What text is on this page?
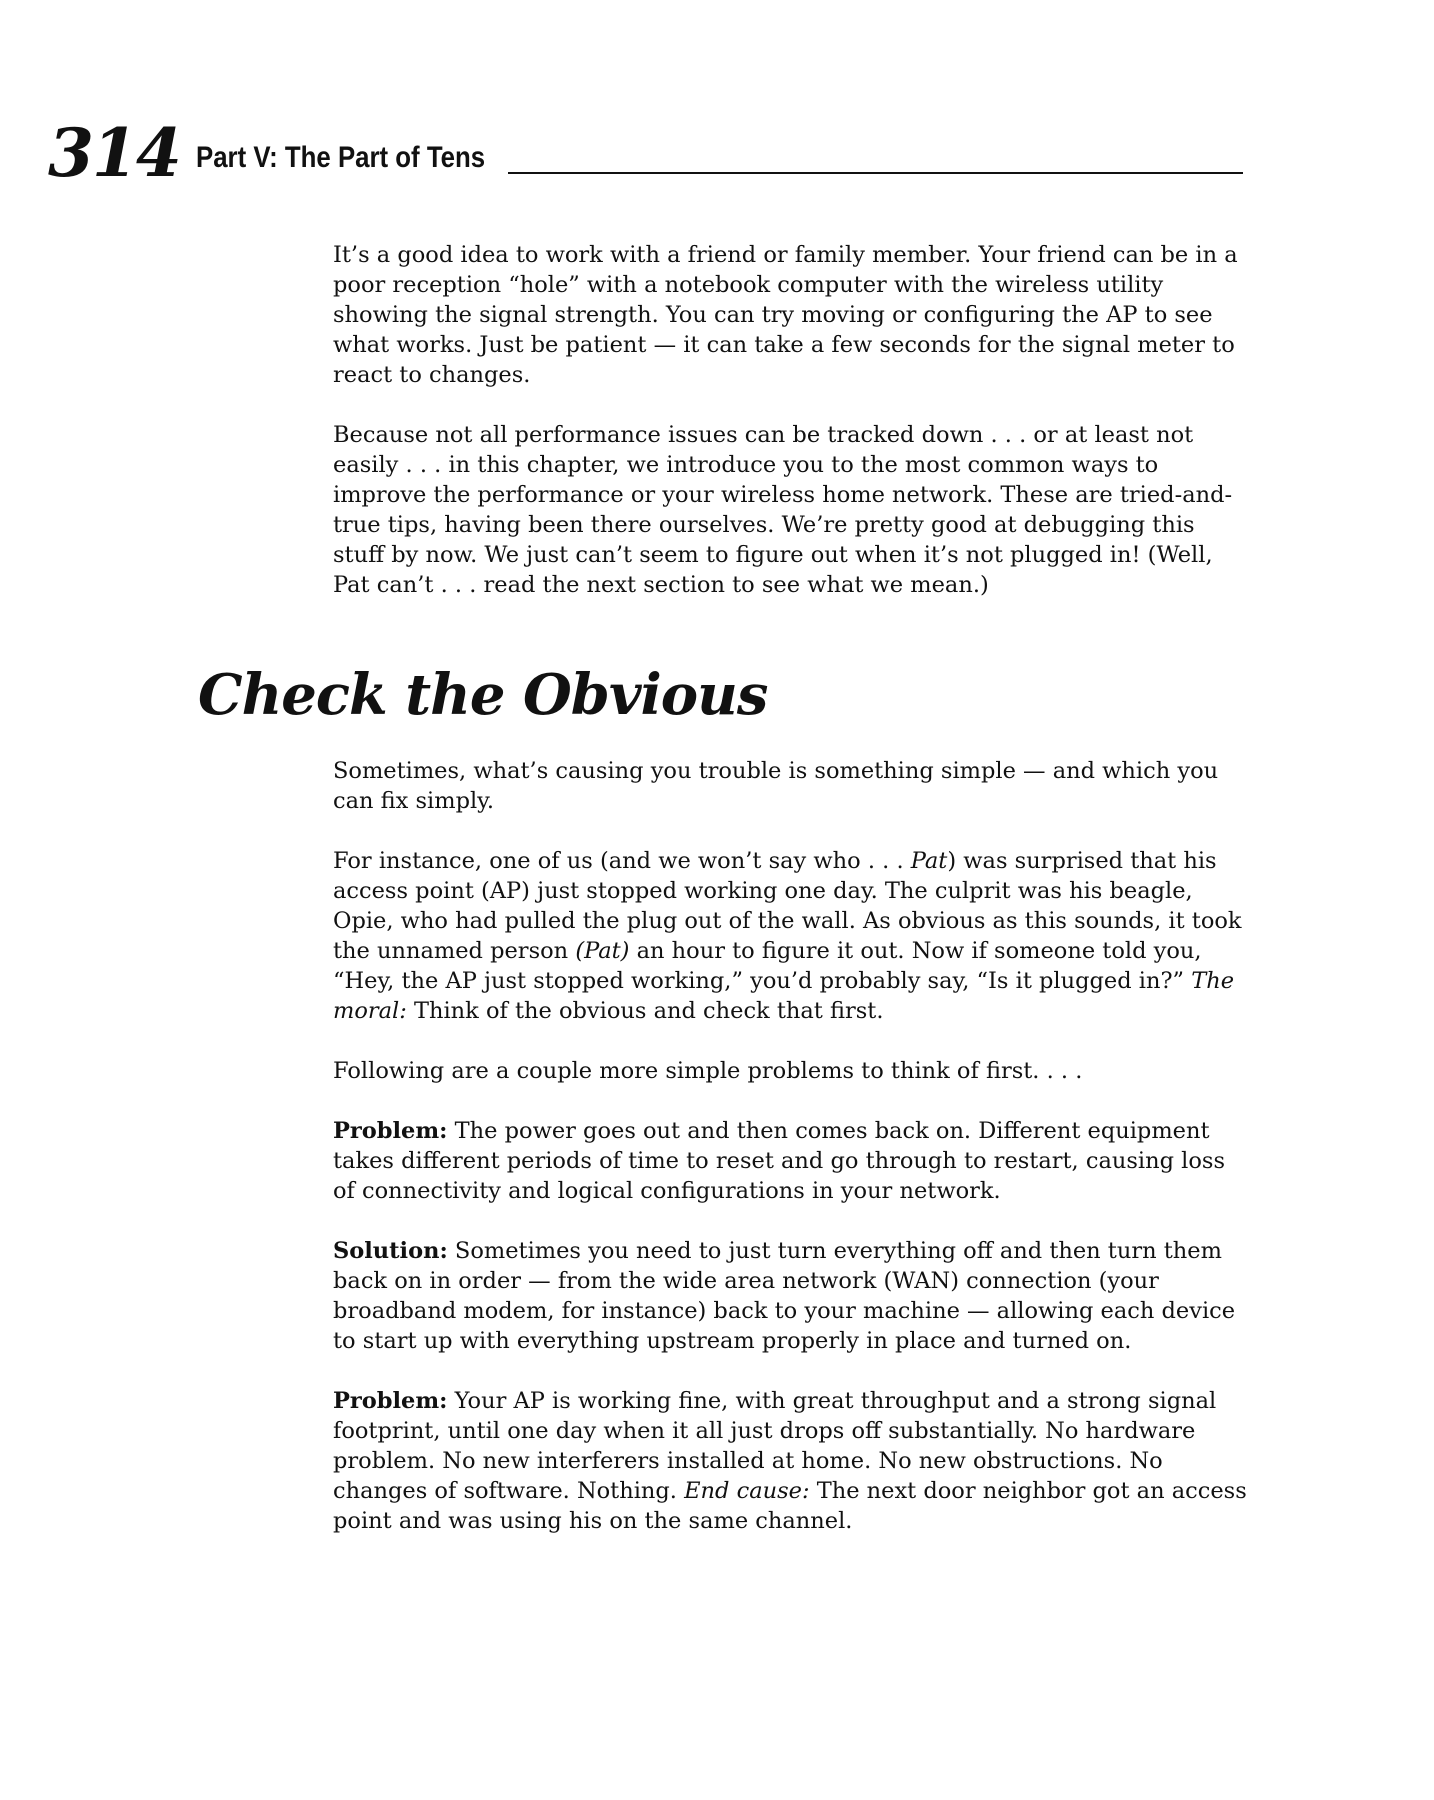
314 Part V: The Part of Tens

It’s a good idea to work with a friend or family member. Your friend can be in a poor reception “hole” with a notebook computer with the wireless utility showing the signal strength. You can try moving or configuring the AP to see what works. Just be patient — it can take a few seconds for the signal meter to react to changes.

Because not all performance issues can be tracked down . . . or at least not easily . . . in this chapter, we introduce you to the most common ways to improve the performance or your wireless home network. These are tried-and-true tips, having been there ourselves. We’re pretty good at debugging this stuff by now. We just can’t seem to figure out when it’s not plugged in! (Well, Pat can’t . . . read the next section to see what we mean.)

Check the Obvious

Sometimes, what’s causing you trouble is something simple — and which you can fix simply.

For instance, one of us (and we won’t say who . . . Pat) was surprised that his access point (AP) just stopped working one day. The culprit was his beagle, Opie, who had pulled the plug out of the wall. As obvious as this sounds, it took the unnamed person (Pat) an hour to figure it out. Now if someone told you, “Hey, the AP just stopped working,” you’d probably say, “Is it plugged in?” The moral: Think of the obvious and check that first.

Following are a couple more simple problems to think of first. . . .

Problem: The power goes out and then comes back on. Different equipment takes different periods of time to reset and go through to restart, causing loss of connectivity and logical configurations in your network.

Solution: Sometimes you need to just turn everything off and then turn them back on in order — from the wide area network (WAN) connection (your broadband modem, for instance) back to your machine — allowing each device to start up with everything upstream properly in place and turned on.

Problem: Your AP is working fine, with great throughput and a strong signal footprint, until one day when it all just drops off substantially. No hardware problem. No new interferers installed at home. No new obstructions. No changes of software. Nothing. End cause: The next door neighbor got an access point and was using his on the same channel.
